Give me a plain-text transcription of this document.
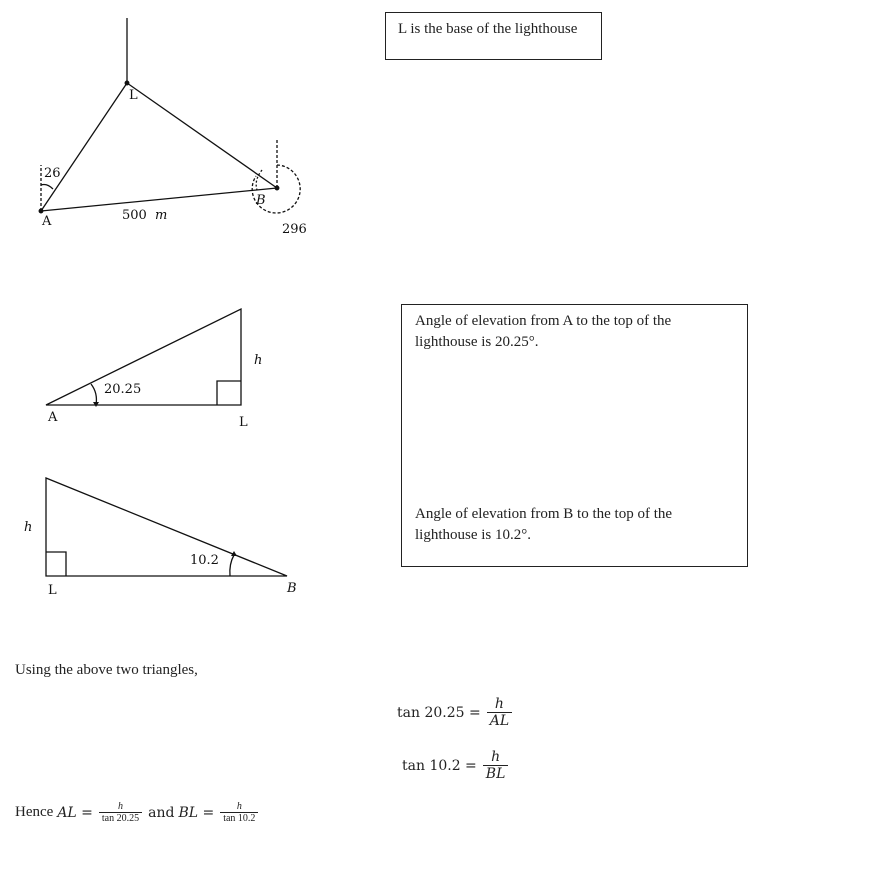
L
A
B
26
500 m
296
20.25
A	L
h
10.2
L	B
h
L is the base of the lighthouse
Angle of elevation from A to the top of the lighthouse is 20.25°.
Angle of elevation from B to the top of the lighthouse is 10.2°.
Using the above two triangles,
$\tan 20.25 = \frac{h}{AL}$
$\tan 10.2 = \frac{h}{BL}$
Hence AL = $\frac{h}{\tan 20.25}$ and BL = $\frac{h}{\tan 10.2}$
